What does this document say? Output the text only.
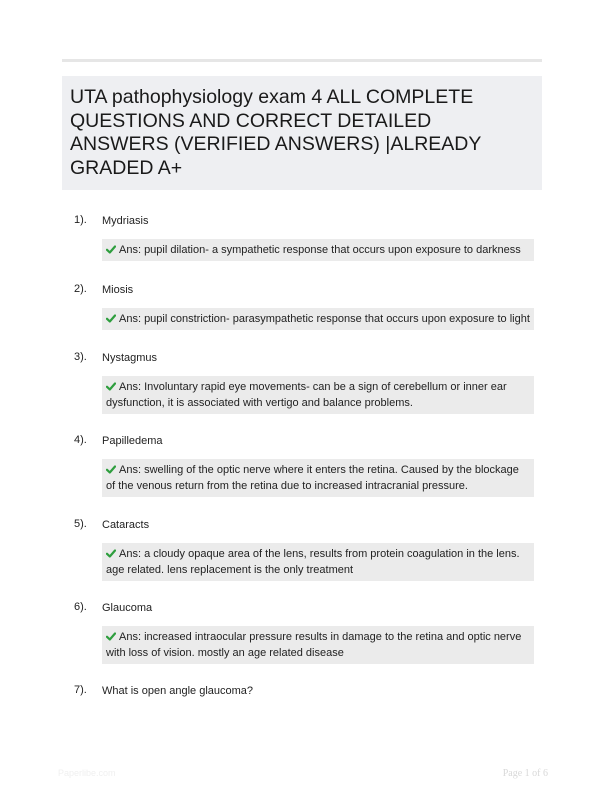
UTA pathophysiology exam 4 ALL COMPLETE QUESTIONS AND CORRECT DETAILED ANSWERS (VERIFIED ANSWERS) |ALREADY GRADED A+
1). Mydriasis
Ans: pupil dilation- a sympathetic response that occurs upon exposure to darkness
2). Miosis
Ans: pupil constriction- parasympathetic response that occurs upon exposure to light
3). Nystagmus
Ans: Involuntary rapid eye movements- can be a sign of cerebellum or inner ear dysfunction, it is associated with vertigo and balance problems.
4). Papilledema
Ans: swelling of the optic nerve where it enters the retina. Caused by the blockage of the venous return from the retina due to increased intracranial pressure.
5). Cataracts
Ans: a cloudy opaque area of the lens, results from protein coagulation in the lens. age related. lens replacement is the only treatment
6). Glaucoma
Ans: increased intraocular pressure results in damage to the retina and optic nerve with loss of vision. mostly an age related disease
7). What is open angle glaucoma?
Paperlibe.com	Page 1 of 6
